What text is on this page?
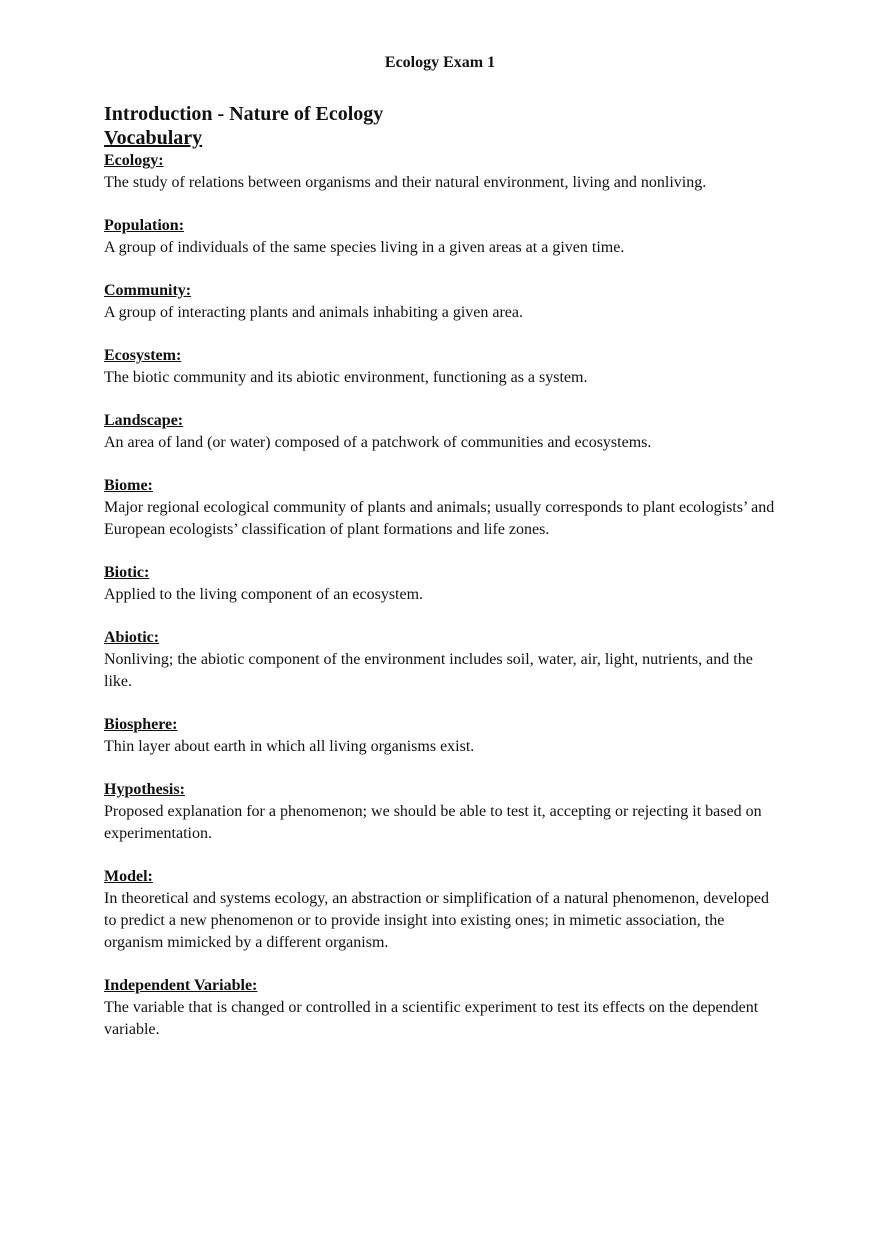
Ecology Exam 1
Introduction - Nature of Ecology
Vocabulary
Ecology:
The study of relations between organisms and their natural environment, living and nonliving.
Population:
A group of individuals of the same species living in a given areas at a given time.
Community:
A group of interacting plants and animals inhabiting a given area.
Ecosystem:
The biotic community and its abiotic environment, functioning as a system.
Landscape:
An area of land (or water) composed of a patchwork of communities and ecosystems.
Biome:
Major regional ecological community of plants and animals; usually corresponds to plant ecologists’ and European ecologists’ classification of plant formations and life zones.
Biotic:
Applied to the living component of an ecosystem.
Abiotic:
Nonliving; the abiotic component of the environment includes soil, water, air, light, nutrients, and the like.
Biosphere:
Thin layer about earth in which all living organisms exist.
Hypothesis:
Proposed explanation for a phenomenon; we should be able to test it, accepting or rejecting it based on experimentation.
Model:
In theoretical and systems ecology, an abstraction or simplification of a natural phenomenon, developed to predict a new phenomenon or to provide insight into existing ones; in mimetic association, the organism mimicked by a different organism.
Independent Variable:
The variable that is changed or controlled in a scientific experiment to test its effects on the dependent variable.
